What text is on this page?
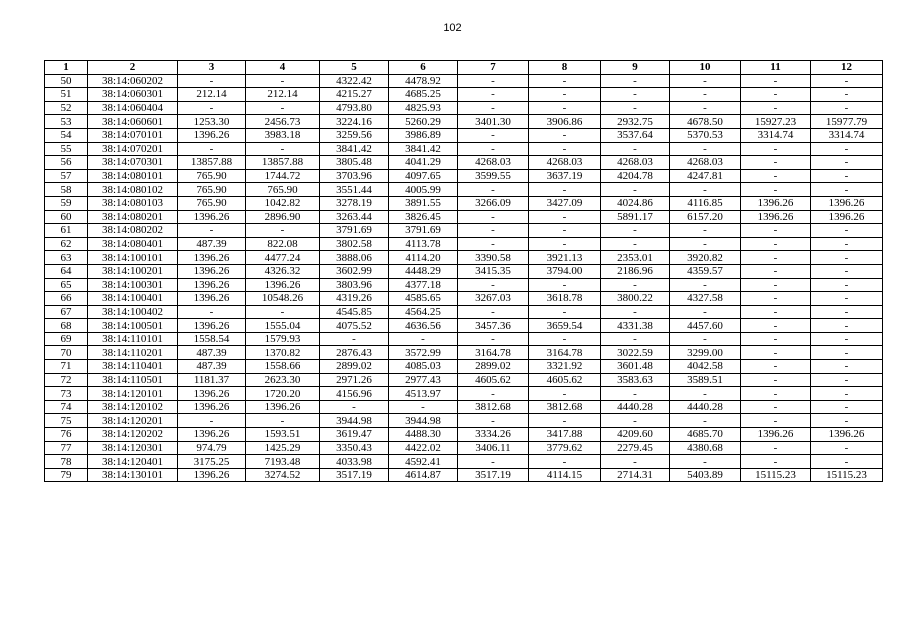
102
1	2	3	4	5	6	7	8	9	10	11	12
50	38:14:060202	-	-	4322.42	4478.92	-	-	-	-	-	-
51	38:14:060301	212.14	212.14	4215.27	4685.25	-	-	-	-	-	-
52	38:14:060404	-	-	4793.80	4825.93	-	-	-	-	-	-
53	38:14:060601	1253.30	2456.73	3224.16	5260.29	3401.30	3906.86	2932.75	4678.50	15927.23	15977.79
54	38:14:070101	1396.26	3983.18	3259.56	3986.89	-	-	3537.64	5370.53	3314.74	3314.74
55	38:14:070201	-	-	3841.42	3841.42	-	-	-	-	-	-
56	38:14:070301	13857.88	13857.88	3805.48	4041.29	4268.03	4268.03	4268.03	4268.03	-	-
57	38:14:080101	765.90	1744.72	3703.96	4097.65	3599.55	3637.19	4204.78	4247.81	-	-
58	38:14:080102	765.90	765.90	3551.44	4005.99	-	-	-	-	-	-
59	38:14:080103	765.90	1042.82	3278.19	3891.55	3266.09	3427.09	4024.86	4116.85	1396.26	1396.26
60	38:14:080201	1396.26	2896.90	3263.44	3826.45	-	-	5891.17	6157.20	1396.26	1396.26
61	38:14:080202	-	-	3791.69	3791.69	-	-	-	-	-	-
62	38:14:080401	487.39	822.08	3802.58	4113.78	-	-	-	-	-	-
63	38:14:100101	1396.26	4477.24	3888.06	4114.20	3390.58	3921.13	2353.01	3920.82	-	-
64	38:14:100201	1396.26	4326.32	3602.99	4448.29	3415.35	3794.00	2186.96	4359.57	-	-
65	38:14:100301	1396.26	1396.26	3803.96	4377.18	-	-	-	-	-	-
66	38:14:100401	1396.26	10548.26	4319.26	4585.65	3267.03	3618.78	3800.22	4327.58	-	-
67	38:14:100402	-	-	4545.85	4564.25	-	-	-	-	-	-
68	38:14:100501	1396.26	1555.04	4075.52	4636.56	3457.36	3659.54	4331.38	4457.60	-	-
69	38:14:110101	1558.54	1579.93	-	-	-	-	-	-	-	-
70	38:14:110201	487.39	1370.82	2876.43	3572.99	3164.78	3164.78	3022.59	3299.00	-	-
71	38:14:110401	487.39	1558.66	2899.02	4085.03	2899.02	3321.92	3601.48	4042.58	-	-
72	38:14:110501	1181.37	2623.30	2971.26	2977.43	4605.62	4605.62	3583.63	3589.51	-	-
73	38:14:120101	1396.26	1720.20	4156.96	4513.97	-	-	-	-	-	-
74	38:14:120102	1396.26	1396.26	-	-	3812.68	3812.68	4440.28	4440.28	-	-
75	38:14:120201	-	-	3944.98	3944.98	-	-	-	-	-	-
76	38:14:120202	1396.26	1593.51	3619.47	4488.30	3334.26	3417.88	4209.60	4685.70	1396.26	1396.26
77	38:14:120301	974.79	1425.29	3350.43	4422.02	3406.11	3779.62	2279.45	4380.68	-	-
78	38:14:120401	3175.25	7193.48	4033.98	4592.41	-	-	-	-	-	-
79	38:14:130101	1396.26	3274.52	3517.19	4614.87	3517.19	4114.15	2714.31	5403.89	15115.23	15115.23
